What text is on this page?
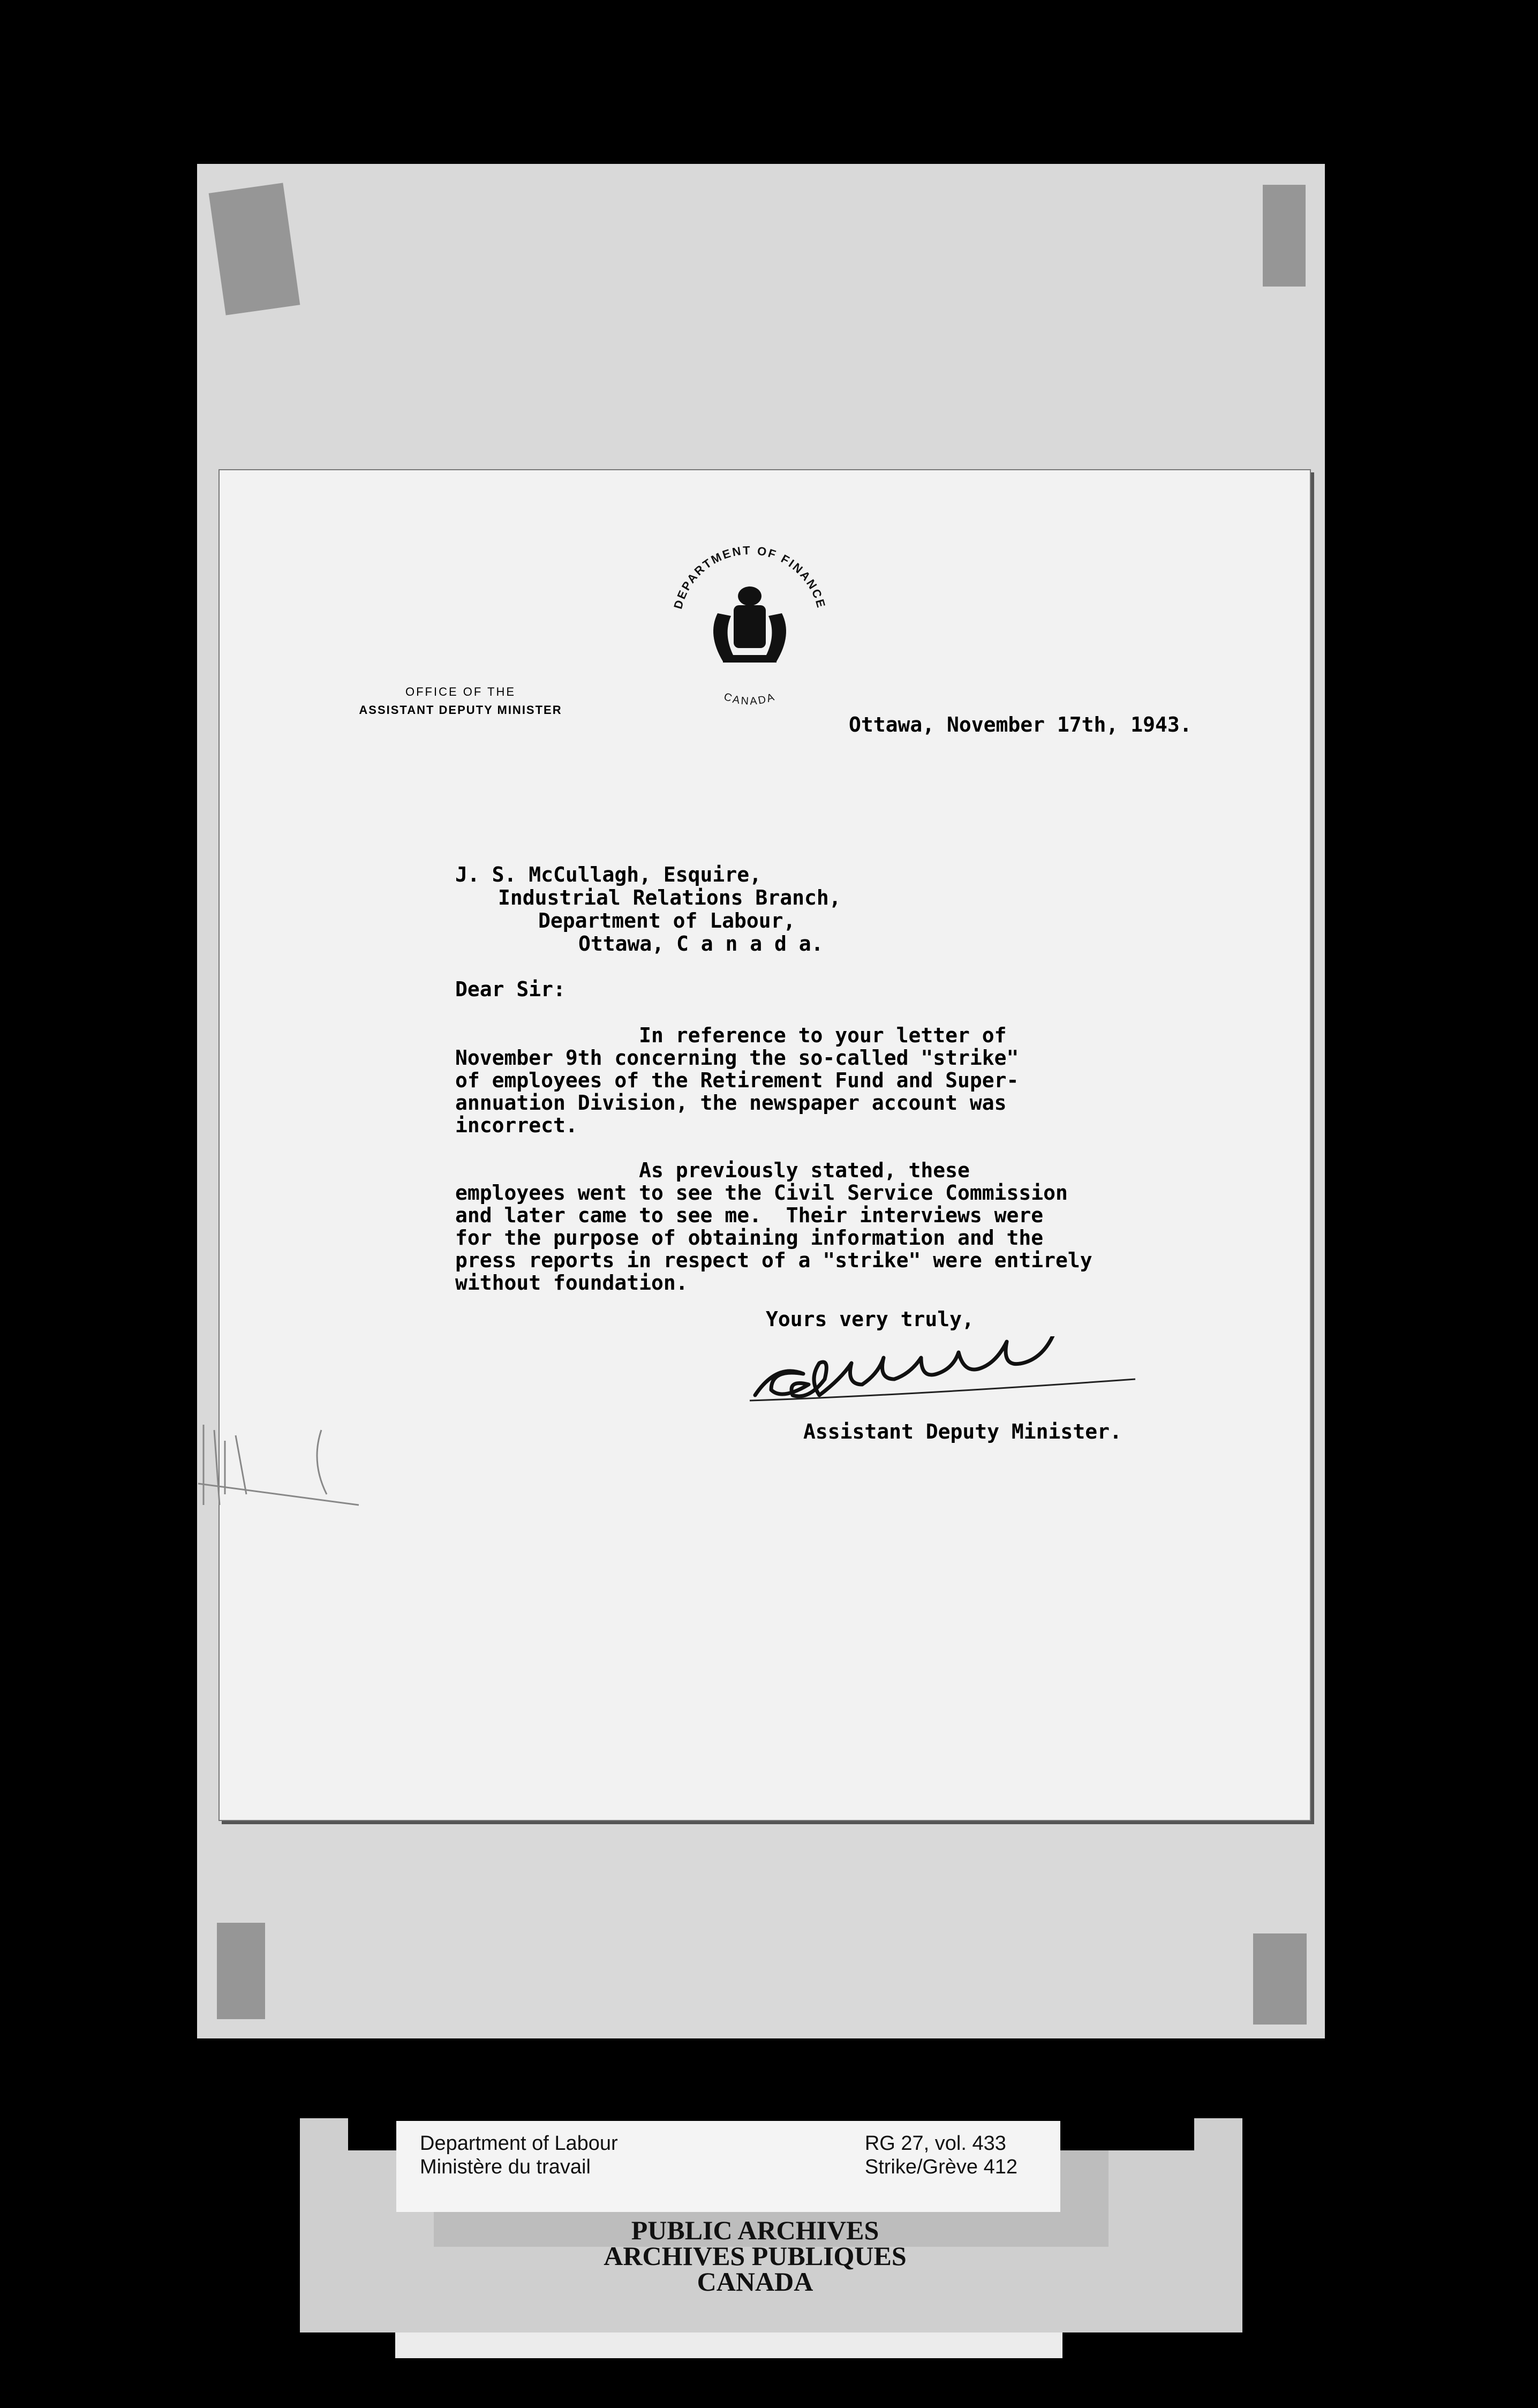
DEPARTMENT OF FINANCE
CANADA
OFFICE OF THE
ASSISTANT DEPUTY MINISTER
Ottawa, November 17th, 1943.
J. S. McCullagh, Esquire,
Industrial Relations Branch,
Department of Labour,
Ottawa, C a n a d a.
Dear Sir:
In reference to your letter of
November 9th concerning the so-called "strike"
of employees of the Retirement Fund and Super-
annuation Division, the newspaper account was
incorrect.
As previously stated, these
employees went to see the Civil Service Commission
and later came to see me.  Their interviews were
for the purpose of obtaining information and the
press reports in respect of a "strike" were entirely
without foundation.
Yours very truly,
Assistant Deputy Minister.
Department of Labour
Ministère du travail
RG 27, vol. 433
Strike/Grève 412
PUBLIC ARCHIVES
ARCHIVES PUBLIQUES
CANADA
